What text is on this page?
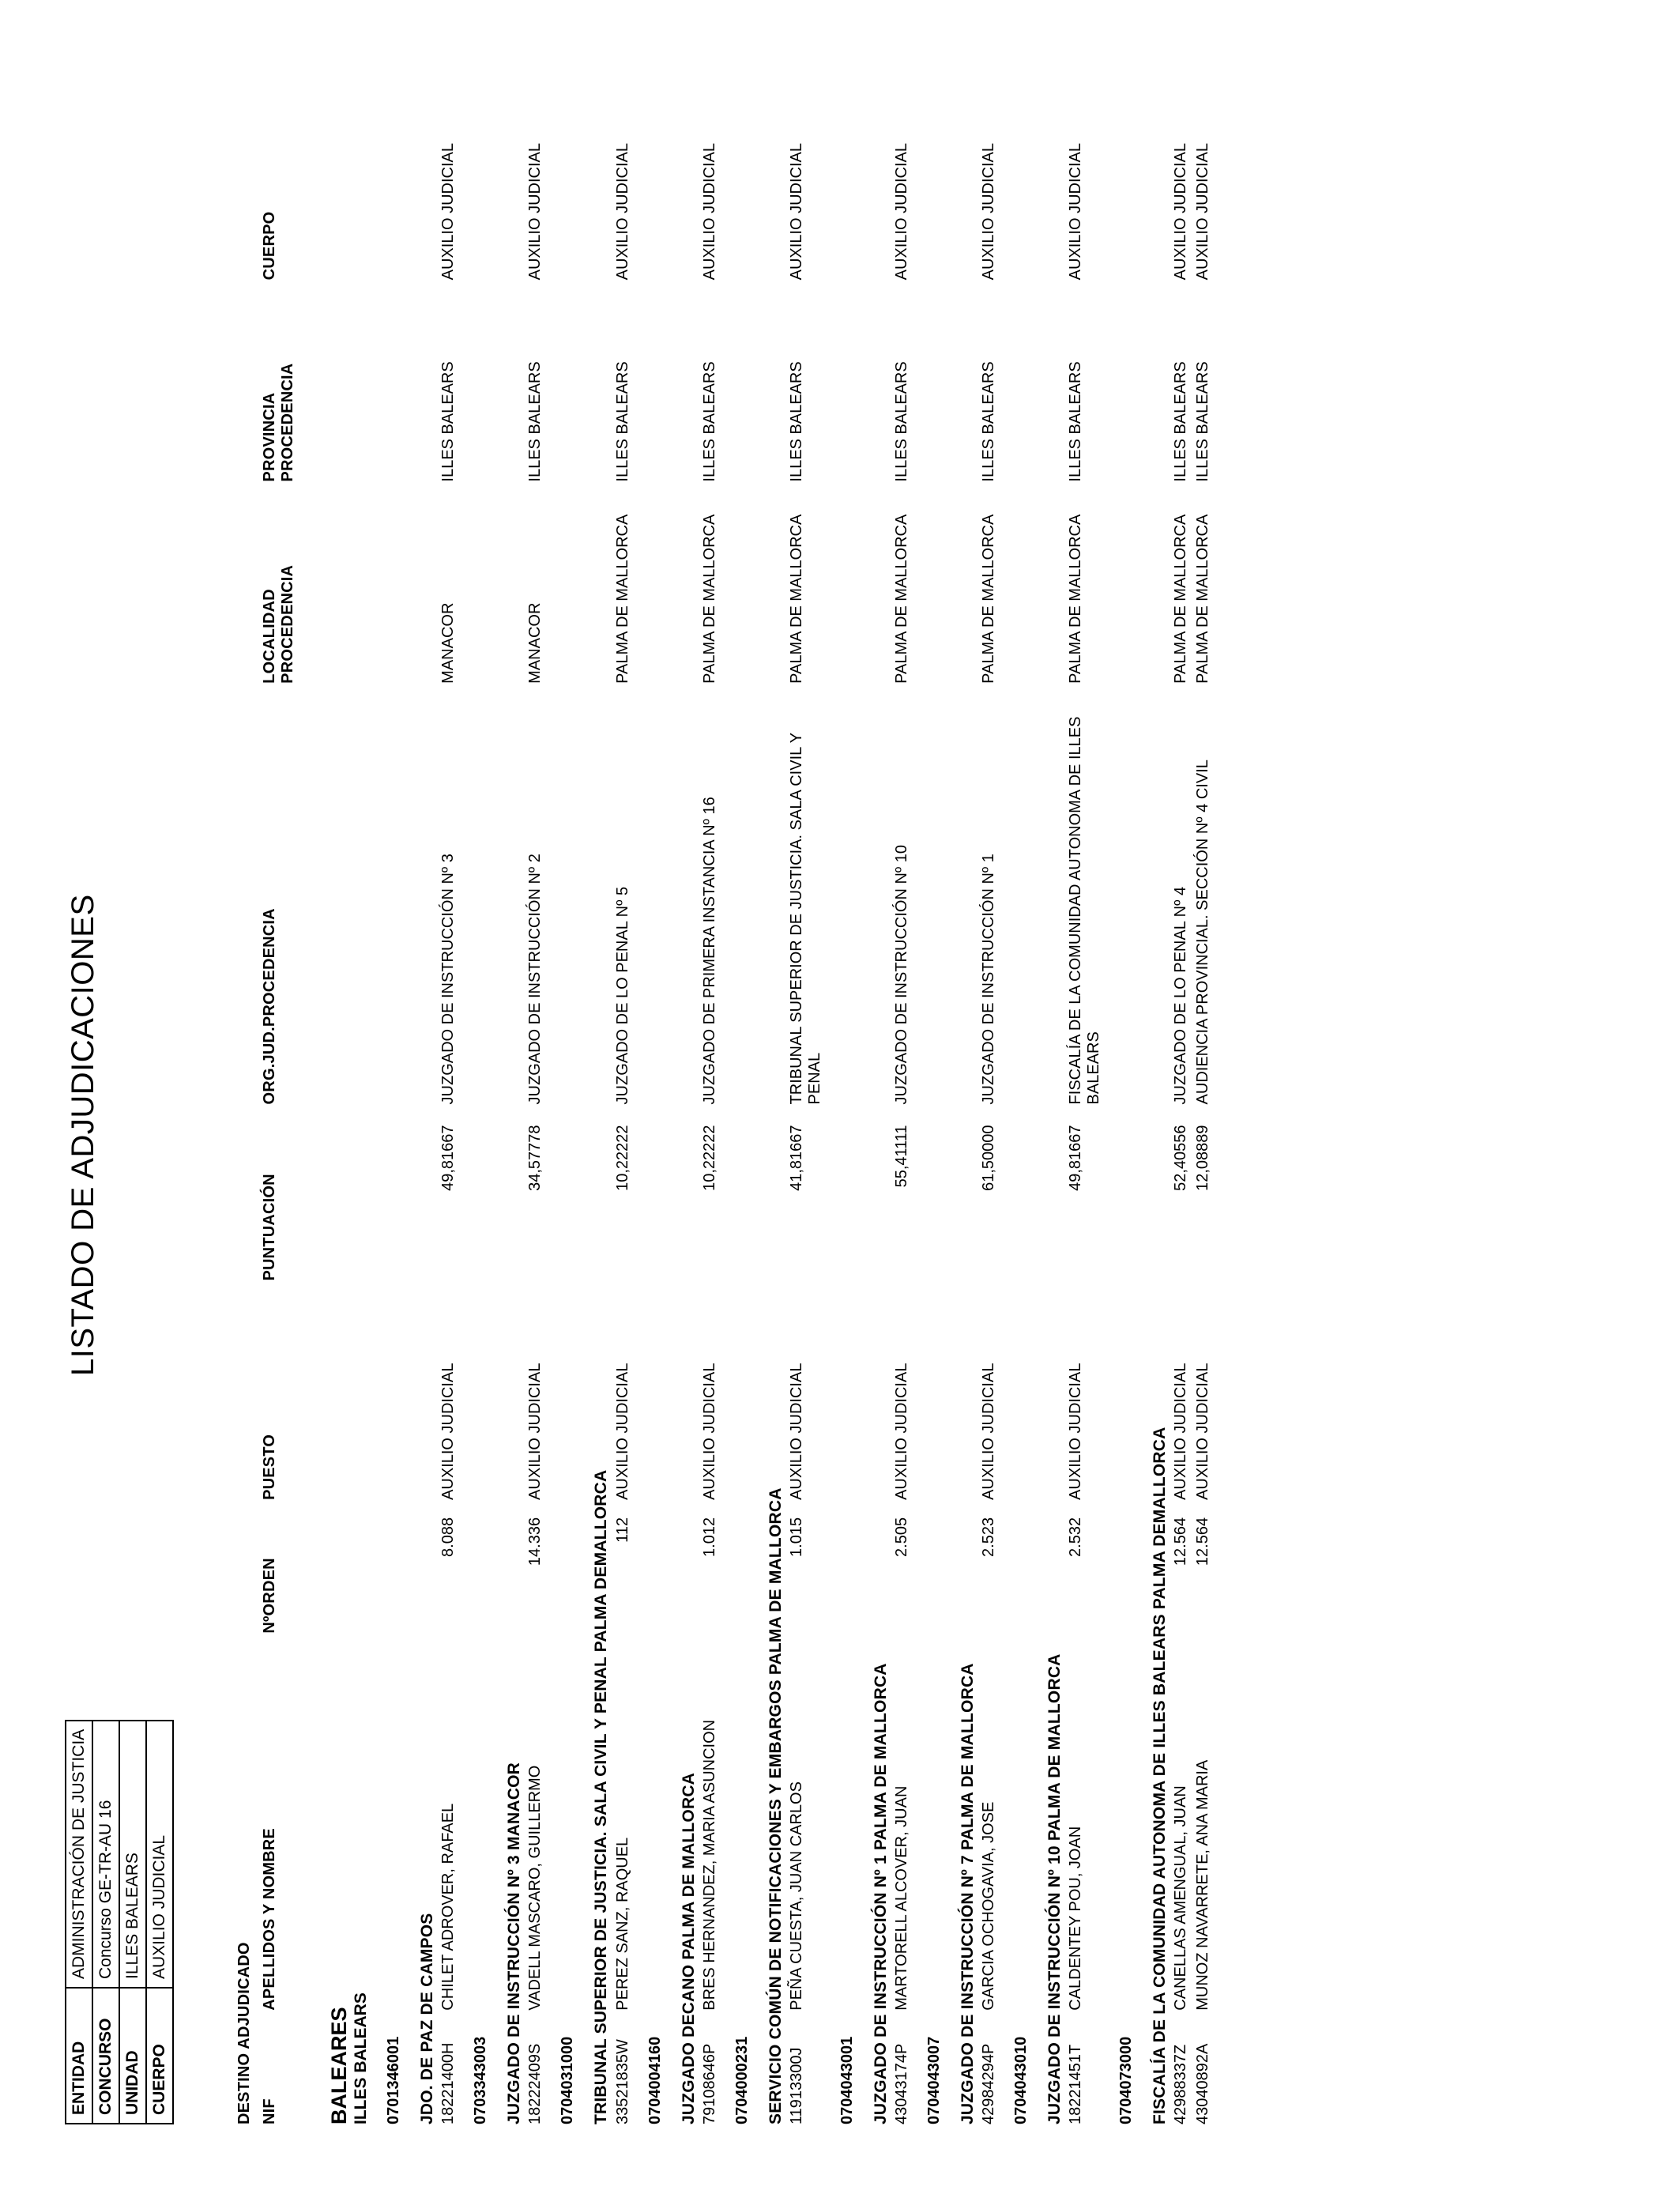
ENTIDAD	ADMINISTRACIÓN DE JUSTICIA
CONCURSO	Concurso GE-TR-AU 16
UNIDAD	ILLES BALEARS
CUERPO	AUXILIO JUDICIAL
LISTADO DE ADJUDICACIONES
DESTINO ADJUDICADO NIF	APELLIDOS Y NOMBRE	NºORDEN	PUESTO	PUNTUACIÓN	ORG.JUD.PROCEDENCIA	LOCALIDAD PROCEDENCIA	PROVINCIA PROCEDENCIA	CUERPO
BALEARES								
ILLES BALEARS								
0701346001								
JDO. DE PAZ DE CAMPOS								
18221400H	CHILET ADROVER, RAFAEL	8.088	AUXILIO JUDICIAL	49,81667	JUZGADO DE INSTRUCCIÓN Nº 3	MANACOR	ILLES BALEARS	AUXILIO JUDICIAL
0703343003								
JUZGADO DE INSTRUCCIÓN Nº 3 MANACOR								
18222409S	VADELL MASCARO, GUILLERMO	14.336	AUXILIO JUDICIAL	34,57778	JUZGADO DE INSTRUCCIÓN Nº 2	MANACOR	ILLES BALEARS	AUXILIO JUDICIAL
0704031000								
TRIBUNAL SUPERIOR DE JUSTICIA. SALA CIVIL Y PENAL PALMA DEMALLORCA								
33521835W	PEREZ SANZ, RAQUEL	112	AUXILIO JUDICIAL	10,22222	JUZGADO DE LO PENAL Nº 5	PALMA DE MALLORCA	ILLES BALEARS	AUXILIO JUDICIAL
0704004160								
JUZGADO DECANO PALMA DE MALLORCA								
79108646P	BRES HERNANDEZ, MARIA ASUNCION	1.012	AUXILIO JUDICIAL	10,22222	JUZGADO DE PRIMERA INSTANCIA Nº 16	PALMA DE MALLORCA	ILLES BALEARS	AUXILIO JUDICIAL
0704000231								
SERVICIO COMÚN DE NOTIFICACIONES Y EMBARGOS PALMA DE MALLORCA								
11913300J	PEÑA CUESTA, JUAN CARLOS	1.015	AUXILIO JUDICIAL	41,81667	TRIBUNAL SUPERIOR DE JUSTICIA. SALA CIVIL Y PENAL	PALMA DE MALLORCA	ILLES BALEARS	AUXILIO JUDICIAL
0704043001								
JUZGADO DE INSTRUCCIÓN Nº 1 PALMA DE MALLORCA								
43043174P	MARTORELL ALCOVER, JUAN	2.505	AUXILIO JUDICIAL	55,41111	JUZGADO DE INSTRUCCIÓN Nº 10	PALMA DE MALLORCA	ILLES BALEARS	AUXILIO JUDICIAL
0704043007								
JUZGADO DE INSTRUCCIÓN Nº 7 PALMA DE MALLORCA								
42984294P	GARCIA OCHOGAVIA, JOSE	2.523	AUXILIO JUDICIAL	61,50000	JUZGADO DE INSTRUCCIÓN Nº 1	PALMA DE MALLORCA	ILLES BALEARS	AUXILIO JUDICIAL
0704043010								
JUZGADO DE INSTRUCCIÓN Nº 10 PALMA DE MALLORCA								
18221451T	CALDENTEY POU, JOAN	2.532	AUXILIO JUDICIAL	49,81667	FISCALÍA DE LA COMUNIDAD AUTONOMA DE ILLES BALEARS	PALMA DE MALLORCA	ILLES BALEARS	AUXILIO JUDICIAL
0704073000								
FISCALÍA DE LA COMUNIDAD AUTONOMA DE ILLES BALEARS PALMA DEMALLORCA								
42988337Z	CANELLAS AMENGUAL, JUAN	12.564	AUXILIO JUDICIAL	52,40556	JUZGADO DE LO PENAL Nº 4	PALMA DE MALLORCA	ILLES BALEARS	AUXILIO JUDICIAL
43040892A	MUNOZ NAVARRETE, ANA MARIA	12.564	AUXILIO JUDICIAL	12,08889	AUDIENCIA PROVINCIAL. SECCIÓN Nº 4 CIVIL	PALMA DE MALLORCA	ILLES BALEARS	AUXILIO JUDICIAL
